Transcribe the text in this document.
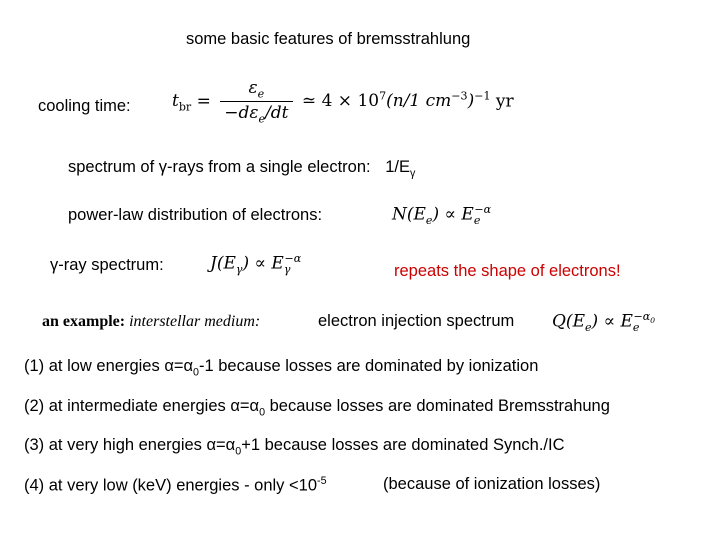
some basic features of bremsstrahlung
cooling time: $t_{br} = \frac{\varepsilon_e}{-d\varepsilon_e/dt}$ ≃ $4 \times 10^7(n/1$ $cm^{-3})^{-1}$ yr
spectrum of γ-rays from a single electron: $1/E_\gamma$
power-law distribution of electrons:	$N(E_e) \propto E_e^{-\alpha}$
γ-ray spectrum:	$J(E_\gamma) \propto E_\gamma^{-\alpha}$
repeats the shape of electrons!
an example: interstellar medium:	electron injection spectrum $Q(E_e) \propto E_e^{-\alpha_0}$
(1) at low energies $\alpha=\alpha_0-1$ because losses are dominated by ionization
(2) at intermediate energies $\alpha=\alpha_0$ because losses are dominated Bremsstrahung
(3) at very high energies $\alpha=\alpha_0+1$ because losses are dominated Synch./IC
(4) at very low (keV) energies - only $<10^{-5}$	(because of ionization losses)
